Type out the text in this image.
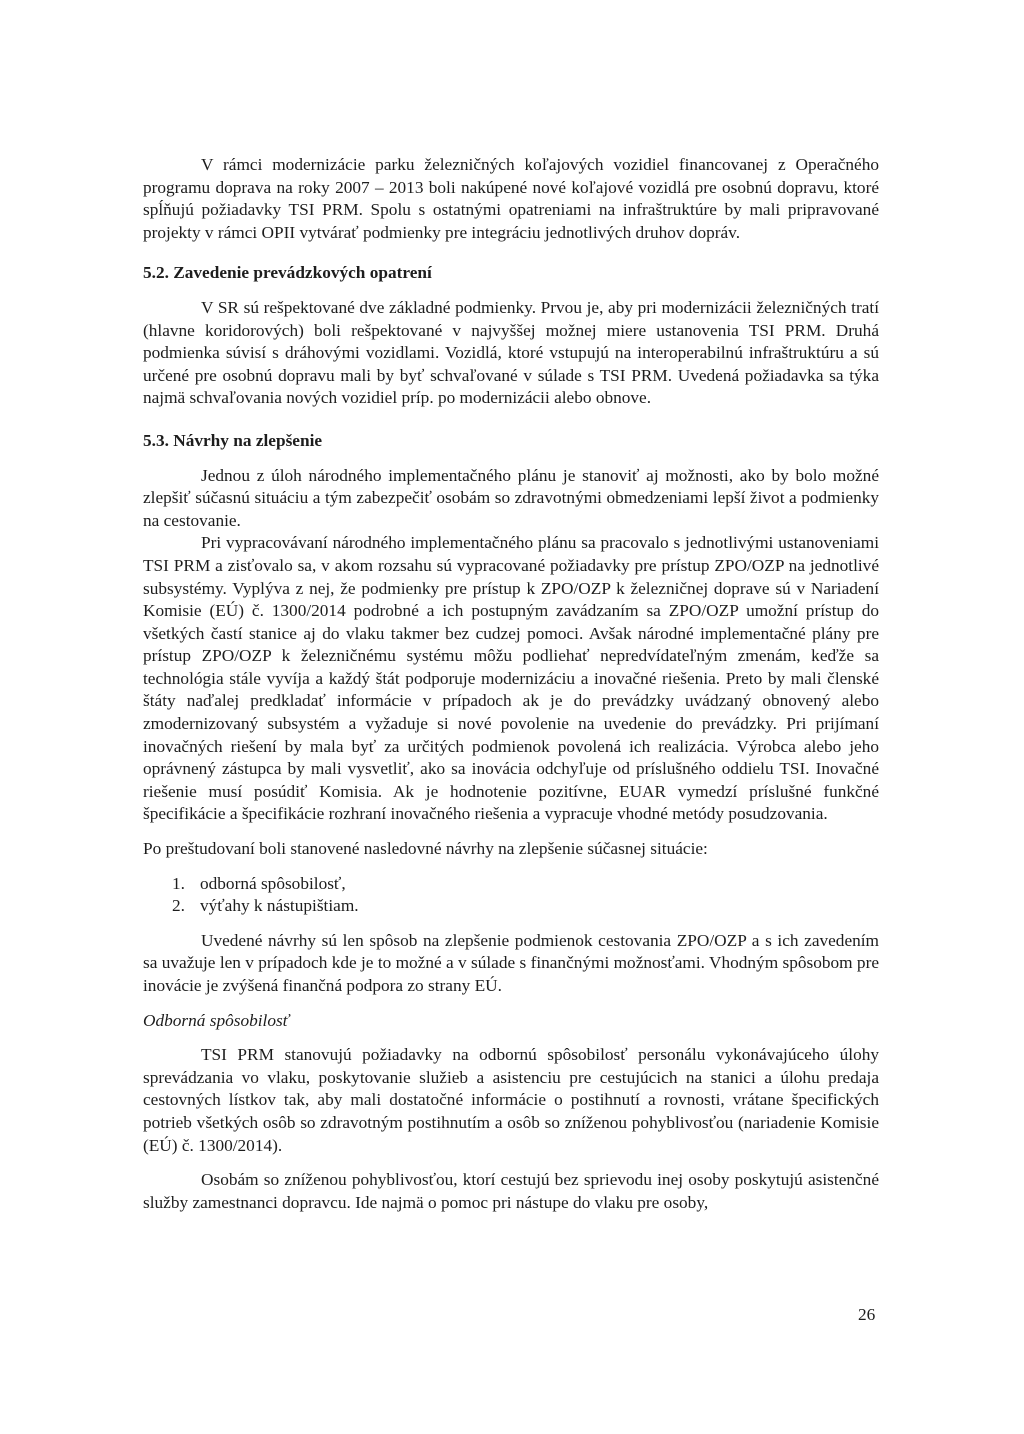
V rámci modernizácie parku železničných koľajových vozidiel financovanej z Operačného programu doprava na roky 2007 – 2013 boli nakúpené nové koľajové vozidlá pre osobnú dopravu, ktoré spĺňujú požiadavky TSI PRM. Spolu s ostatnými opatreniami na infraštruktúre by mali pripravované projekty v rámci OPII vytvárať podmienky pre integráciu jednotlivých druhov dopráv.

5.2. Zavedenie prevádzkových opatrení

V SR sú rešpektované dve základné podmienky. Prvou je, aby pri modernizácii železničných tratí (hlavne koridorových) boli rešpektované v najvyššej možnej miere ustanovenia TSI PRM. Druhá podmienka súvisí s dráhovými vozidlami. Vozidlá, ktoré vstupujú na interoperabilnú infraštruktúru a sú určené pre osobnú dopravu mali by byť schvaľované v súlade s TSI PRM. Uvedená požiadavka sa týka najmä schvaľovania nových vozidiel príp. po modernizácii alebo obnove.

5.3. Návrhy na zlepšenie

Jednou z úloh národného implementačného plánu je stanoviť aj možnosti, ako by bolo možné zlepšiť súčasnú situáciu a tým zabezpečiť osobám so zdravotnými obmedzeniami lepší život a podmienky na cestovanie.

Pri vypracovávaní národného implementačného plánu sa pracovalo s jednotlivými ustanoveniami TSI PRM a zisťovalo sa, v akom rozsahu sú vypracované požiadavky pre prístup ZPO/OZP na jednotlivé subsystémy. Vyplýva z nej, že podmienky pre prístup k ZPO/OZP k železničnej doprave sú v Nariadení Komisie (EÚ) č. 1300/2014 podrobné a ich postupným zavádzaním sa ZPO/OZP umožní prístup do všetkých častí stanice aj do vlaku takmer bez cudzej pomoci. Avšak národné implementačné plány pre prístup ZPO/OZP k železničnému systému môžu podliehať nepredvídateľným zmenám, keďže sa technológia stále vyvíja a každý štát podporuje modernizáciu a inovačné riešenia. Preto by mali členské štáty naďalej predkladať informácie v prípadoch ak je do prevádzky uvádzaný obnovený alebo zmodernizovaný subsystém a vyžaduje si nové povolenie na uvedenie do prevádzky. Pri prijímaní inovačných riešení by mala byť za určitých podmienok povolená ich realizácia. Výrobca alebo jeho oprávnený zástupca by mali vysvetliť, ako sa inovácia odchyľuje od príslušného oddielu TSI. Inovačné riešenie musí posúdiť Komisia. Ak je hodnotenie pozitívne, EUAR vymedzí príslušné funkčné špecifikácie a špecifikácie rozhraní inovačného riešenia a vypracuje vhodné metódy posudzovania.

Po preštudovaní boli stanovené nasledovné návrhy na zlepšenie súčasnej situácie:

1. odborná spôsobilosť,
2. výťahy k nástupištiam.

Uvedené návrhy sú len spôsob na zlepšenie podmienok cestovania ZPO/OZP a s ich zavedením sa uvažuje len v prípadoch kde je to možné a v súlade s finančnými možnosťami. Vhodným spôsobom pre inovácie je zvýšená finančná podpora zo strany EÚ.

Odborná spôsobilosť

TSI PRM stanovujú požiadavky na odbornú spôsobilosť personálu vykonávajúceho úlohy sprevádzania vo vlaku, poskytovanie služieb a asistenciu pre cestujúcich na stanici a úlohu predaja cestovných lístkov tak, aby mali dostatočné informácie o postihnutí a rovnosti, vrátane špecifických potrieb všetkých osôb so zdravotným postihnutím a osôb so zníženou pohyblivosťou (nariadenie Komisie (EÚ) č. 1300/2014).

Osobám so zníženou pohyblivosťou, ktorí cestujú bez sprievodu inej osoby poskytujú asistenčné služby zamestnanci dopravcu. Ide najmä o pomoc pri nástupe do vlaku pre osoby,

26
